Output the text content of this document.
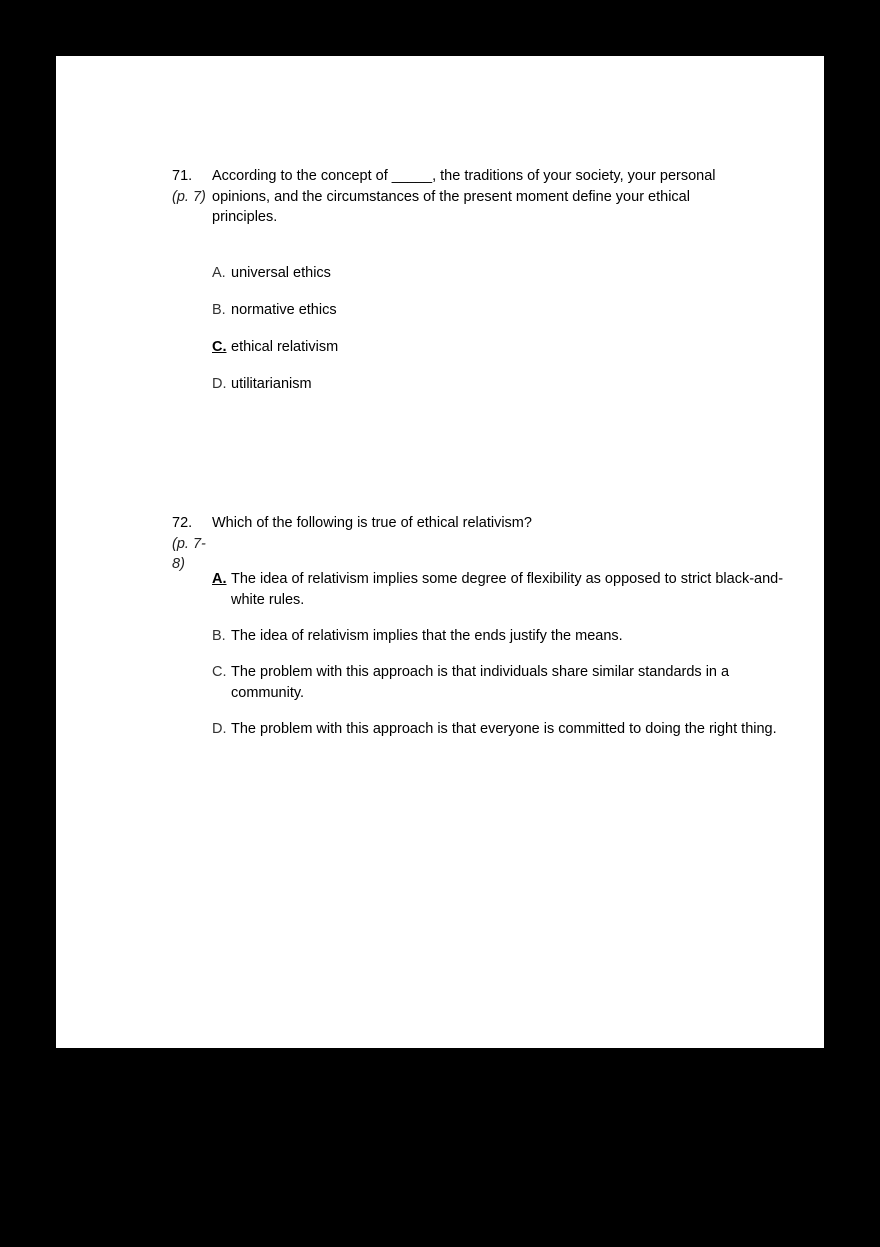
71.
(p. 7)
According to the concept of _____, the traditions of your society, your personal
opinions, and the circumstances of the present moment define your ethical
principles.
A. universal ethics
B. normative ethics
C. ethical relativism
D. utilitarianism
72.
(p. 7-
8)
Which of the following is true of ethical relativism?
A. The idea of relativism implies some degree of flexibility as opposed to strict black-and-white rules.
B. The idea of relativism implies that the ends justify the means.
C. The problem with this approach is that individuals share similar standards in a community.
D. The problem with this approach is that everyone is committed to doing the right thing.
